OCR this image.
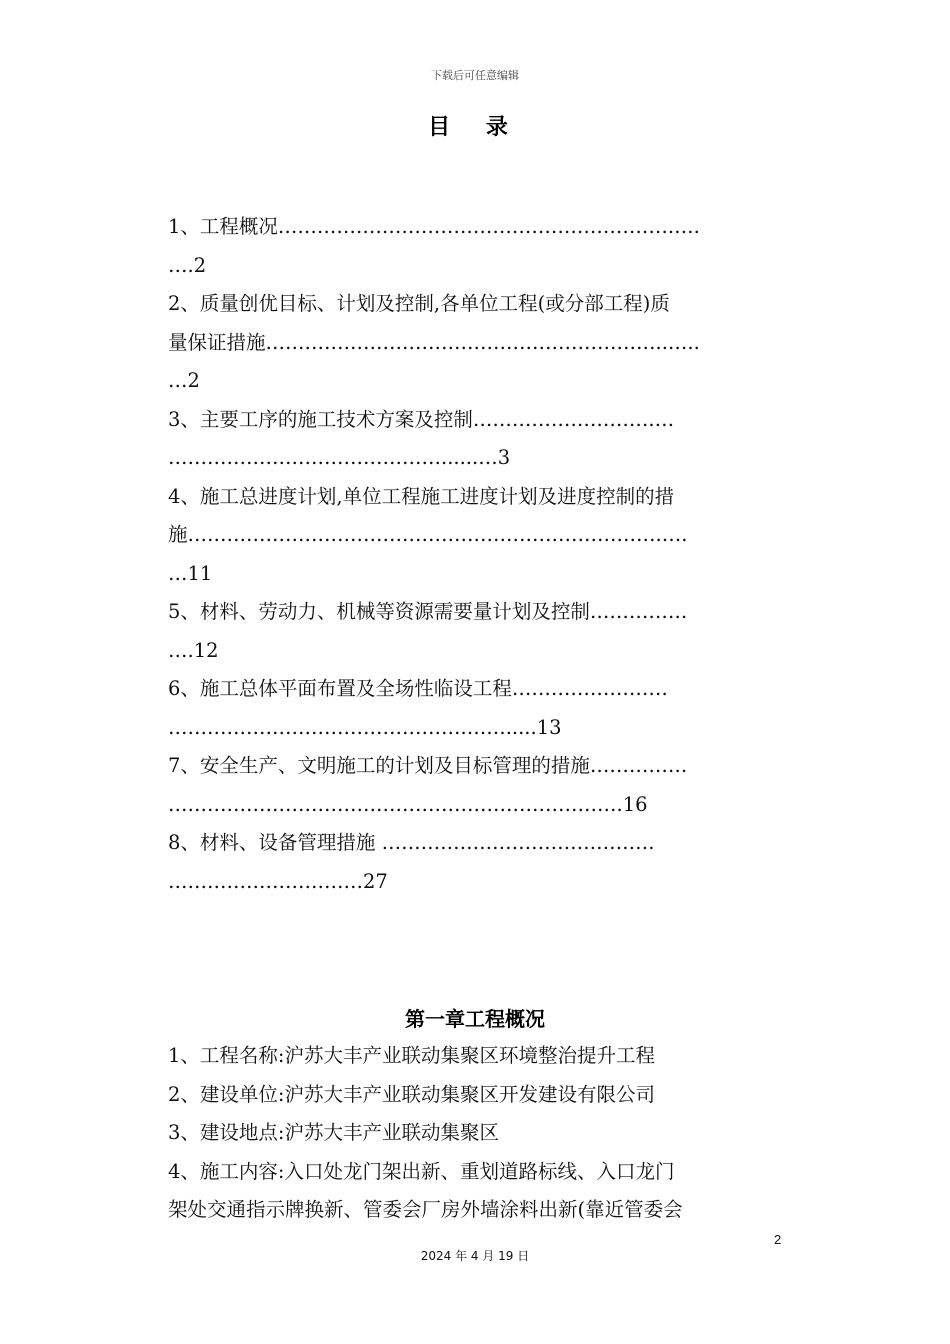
下载后可任意编辑
目 录
1、工程概况…………………………………………………….….
….2
2、质量创优目标、计划及控制,各单位工程(或分部工程)质
量保证措施……………………………………………………..…..
…2
3、主要工序的施工技术方案及控制……………………….…
……………………………………......…3
4、施工总进度计划,单位工程施工进度计划及进度控制的措
施……………………………………………………………….….
…11
5、材料、劳动力、机械等资源需要量计划及控制……………
….12
6、施工总体平面布置及全场性临设工程……………………
……………………………………….…….....13
7、安全生产、文明施工的计划及目标管理的措施……………
…………………………………………………………….16
8、材料、设备管理措施 ……………………………………
…………………………27
第一章工程概况
1、工程名称:沪苏大丰产业联动集聚区环境整治提升工程
2、建设单位:沪苏大丰产业联动集聚区开发建设有限公司
3、建设地点:沪苏大丰产业联动集聚区
4、施工内容:入口处龙门架出新、重划道路标线、入口龙门
架处交通指示牌换新、管委会厂房外墙涂料出新(靠近管委会
2
2024 年 4 月 19 日
